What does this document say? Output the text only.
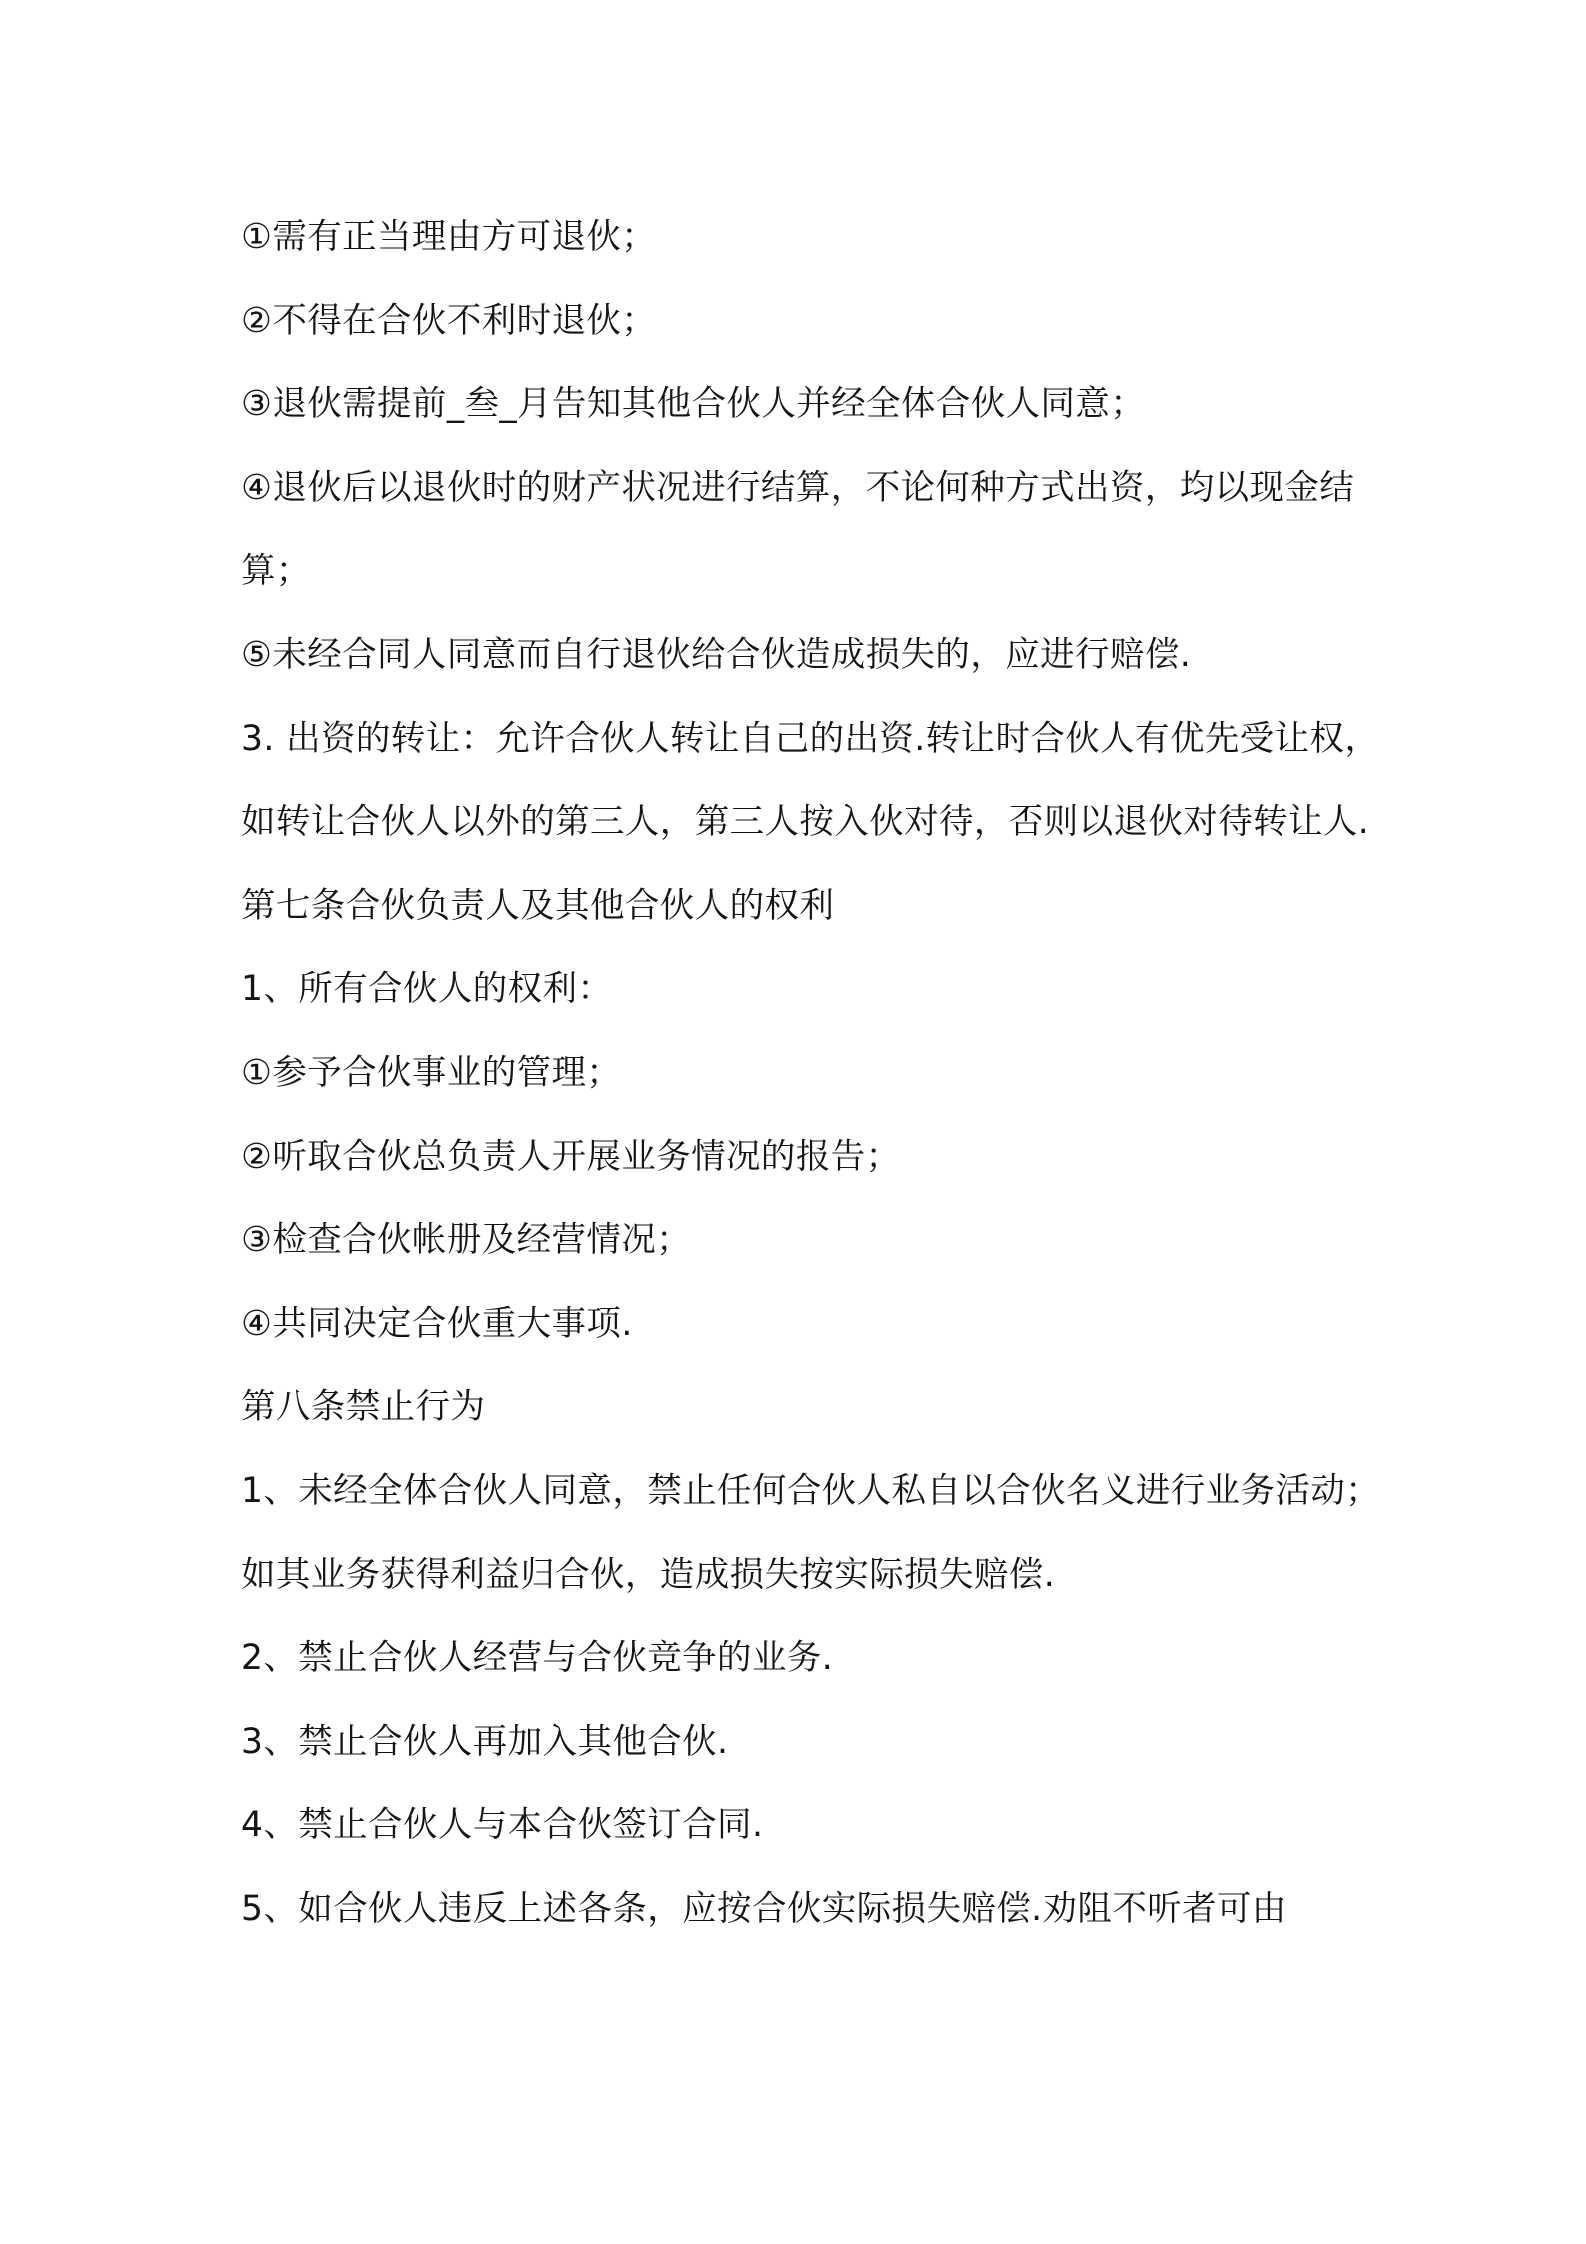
①需有正当理由方可退伙；

②不得在合伙不利时退伙；

③退伙需提前_叁_月告知其他合伙人并经全体合伙人同意；

④退伙后以退伙时的财产状况进行结算，不论何种方式出资，均以现金结算；

⑤未经合同人同意而自行退伙给合伙造成损失的，应进行赔偿.

3. 出资的转让：允许合伙人转让自己的出资.转让时合伙人有优先受让权，如转让合伙人以外的第三人，第三人按入伙对待，否则以退伙对待转让人.

第七条合伙负责人及其他合伙人的权利

1、所有合伙人的权利：

①参予合伙事业的管理；

②听取合伙总负责人开展业务情况的报告；

③检查合伙帐册及经营情况；

④共同决定合伙重大事项.

第八条禁止行为

1、未经全体合伙人同意，禁止任何合伙人私自以合伙名义进行业务活动；如其业务获得利益归合伙，造成损失按实际损失赔偿.

2、禁止合伙人经营与合伙竞争的业务.

3、禁止合伙人再加入其他合伙.

4、禁止合伙人与本合伙签订合同.

5、如合伙人违反上述各条，应按合伙实际损失赔偿.劝阻不听者可由
